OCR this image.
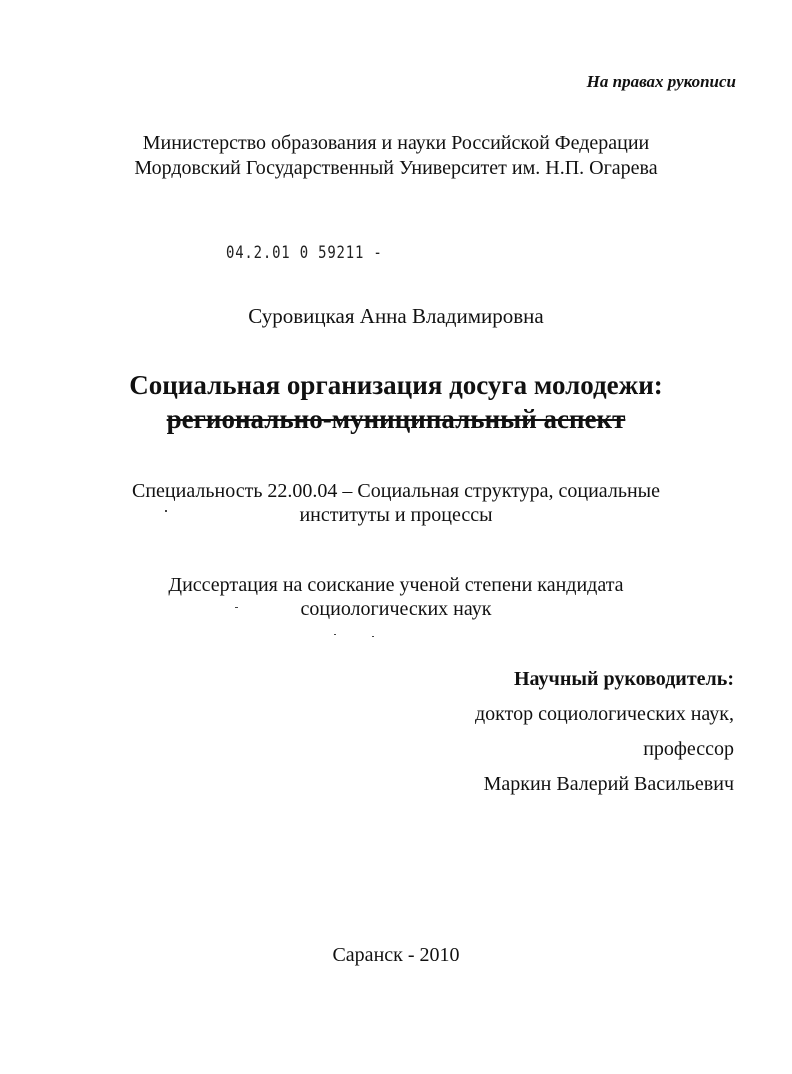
На правах рукописи
Министерство образования и науки Российской Федерации
Мордовский Государственный Университет им. Н.П. Огарева
04.2.01 0 59211 -
Суровицкая Анна Владимировна
Социальная организация досуга молодежи:
регионально-муниципальный аспект
Специальность 22.00.04 – Социальная структура, социальные
институты и процессы
Диссертация на соискание ученой степени кандидата
социологических наук
Научный руководитель:
доктор социологических наук,
профессор
Маркин Валерий Васильевич
Саранск - 2010
